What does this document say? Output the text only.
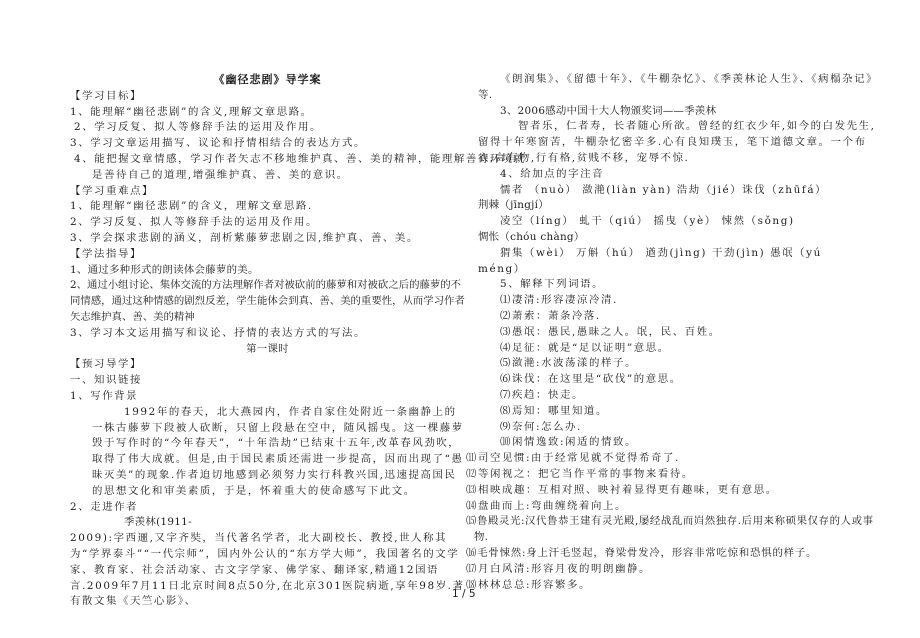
《幽径悲剧》导学案
【学习目标】
1、能理解“幽径悲剧”的含义,理解文章思路。
2、学习反复、拟人等修辞手法的运用及作用。
3、学习文章运用描写、议论和抒情相结合的表达方式。
4、能把握文章情感，学习作者矢志不移地维护真、善、美的精神，能理解善待环境就
是善待自己的道理,增强维护真、善、美的意识。
【学习重难点】
1、能理解“幽径悲剧”的含义，理解文章思路.
2、学习反复、拟人等修辞手法的运用及作用。
3、学会探求悲剧的涵义，剖析紫藤萝悲剧之因,维护真、善、美。
【学法指导】
1、通过多种形式的朗读体会藤萝的美。
2、通过小组讨论、集体交流的方法理解作者对被砍前的藤萝和对被砍之后的藤萝的不同情感，通过这种情感的剧烈反差，学生能体会到真、善、美的重要性，从而学习作者矢志维护真、善、美的精神
3、学习本文运用描写和议论、抒情的表达方式的写法。
第一课时
【预习导学】
一、知识链接
1、写作背景
1992年的春天，北大燕园内，作者自家住处附近一条幽静上的一株古藤萝下段被人砍断，只留上段悬在空中，随风摇曳。这一棵藤萝毁于写作时的“今年春天”，“十年浩劫”已结束十五年,改革春风劲吹，取得了伟大成就。但是,由于国民素质还需进一步提高，因而出现了“愚昧灭美”的现象.作者迫切地感到必须努力实行科教兴国,迅速提高国民的思想文化和审美素质，于是，怀着重大的使命感写下此文。
2、走进作者
季羡林(1911-
2009):字西逦,又字齐奘，当代著名学者，北大副校长、教授,世人称其为“学界泰斗”“一代宗师”，国内外公认的“东方学大师”，我国著名的文学家、教育家、社会活动家、古文字学家、佛学家、翻译家,精通12国语言.2009年7月11日北京时间8点50分,在北京301医院病逝,享年98岁.著有散文集《天竺心影》、
《朗润集》、《留德十年》、《牛棚杂忆》、《季羡林论人生》、《病榻杂记》
等.
3、2006感动中国十大人物颁奖词——季羡林
智者乐，仁者寿，长者随心所欲。曾经的红衣少年,如今的白发先生,留得十年寒窗苦，牛棚杂忆密辛多.心有良知璞玉，笔下道德文章。一个布衣,言有物,行有格,贫贱不移，宠辱不惊.
4、给加点的字注音
懦者 （nuò） 潋滟(liàn yàn) 浩劫（jié）诛伐（zhūfá）
荆棘（jīngjí）
凌空（líng） 虬干（qiú） 摇曳（yè） 悚然（sǒng)
惆怅（chóu chàng）
猬集（wèi） 万斛（hú） 遒劲(jìng) 干劲(jìn) 愚氓（yú
méng）
5、解释下列词语。
⑴凄清:形容凄凉冷清.
⑵萧索：萧条冷落.
⑶愚氓：愚民,愚昧之人。氓，民、百姓。
⑷足征：就是“足以证明”意思。
⑸潋滟:水波荡漾的样子。
⑹诛伐：在这里是“砍伐”的意思。
⑺疾趋：快走。
⑻焉知：哪里知道。
⑼奈何:怎么办.
⑽闲情逸致:闲适的情致。
⑾司空见惯:由于经常见就不觉得希奇了.
⑿等闲视之：把它当作平常的事物来看待。
⒀相映成趣：互相对照、映衬着显得更有趣味，更有意思。
⒁盘曲而上:弯曲缠绕着向上。
⒂鲁殿灵光:汉代鲁恭王建有灵光殿,屡经战乱而岿然独存.后用来称硕果仅存的人或事
物.
⒃毛骨悚然:身上汗毛竖起，脊梁骨发冷，形容非常吃惊和恐惧的样子。
⒄月白风清:形容月夜的明朗幽静。
⒅林林总总:形容繁多。
1 / 5
